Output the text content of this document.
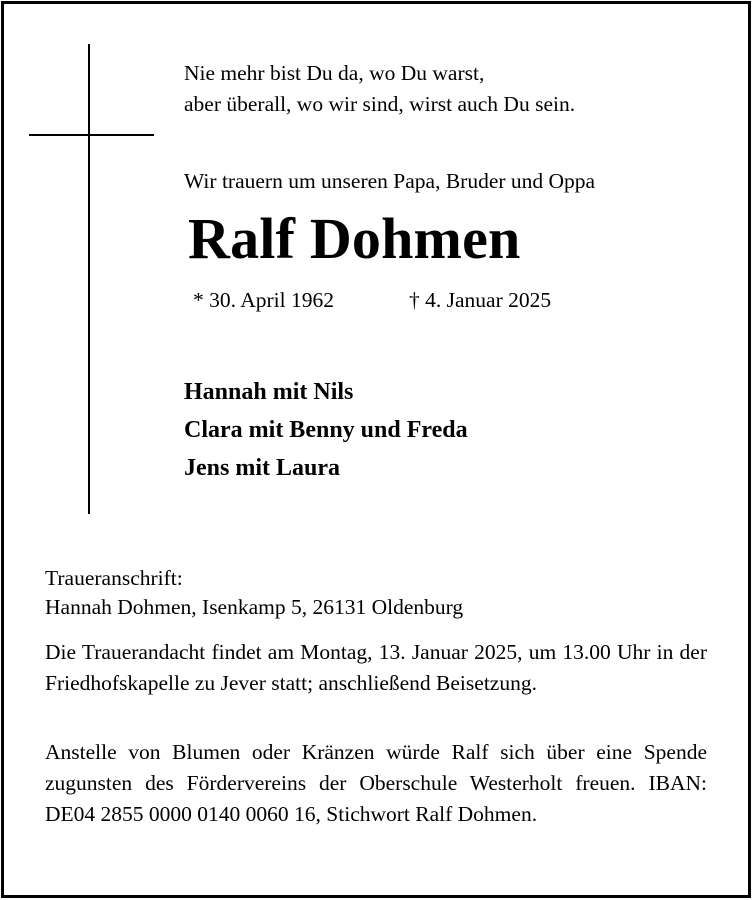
Nie mehr bist Du da, wo Du warst,
aber überall, wo wir sind, wirst auch Du sein.
Wir trauern um unseren Papa, Bruder und Oppa
Ralf Dohmen
* 30. April 1962	† 4. Januar 2025
Hannah mit Nils
Clara mit Benny und Freda
Jens mit Laura
Traueranschrift:
Hannah Dohmen, Isenkamp 5, 26131 Oldenburg
Die Trauerandacht findet am Montag, 13. Januar 2025, um 13.00 Uhr in der Friedhofskapelle zu Jever statt; anschließend Beisetzung.
Anstelle von Blumen oder Kränzen würde Ralf sich über eine Spende zugunsten des Fördervereins der Oberschule Westerholt freuen. IBAN: DE04 2855 0000 0140 0060 16, Stichwort Ralf Dohmen.
